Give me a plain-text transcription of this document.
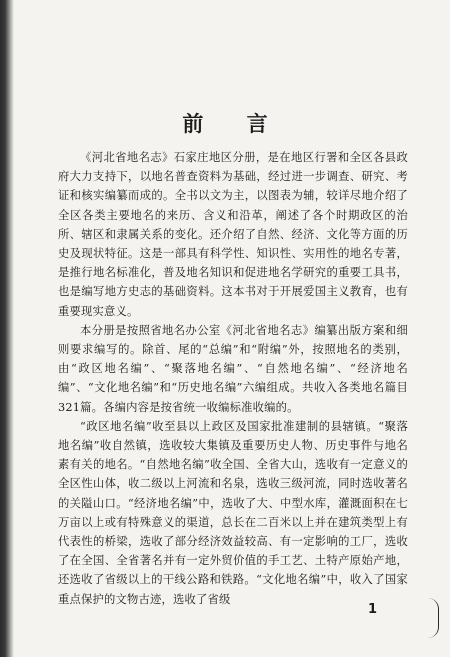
前 言

《河北省地名志》石家庄地区分册，是在地区行署和全区各县政府大力支持下，以地名普查资料为基础，经过进一步调查、研究、考证和核实编纂而成的。全书以文为主，以图表为辅，较详尽地介绍了全区各类主要地名的来历、含义和沿革，阐述了各个时期政区的治所、辖区和隶属关系的变化。还介绍了自然、经济、文化等方面的历史及现状特征。这是一部具有科学性、知识性、实用性的地名专著，是推行地名标准化，普及地名知识和促进地名学研究的重要工具书，也是编写地方史志的基础资料。这本书对于开展爱国主义教育，也有重要现实意义。

本分册是按照省地名办公室《河北省地名志》编纂出版方案和细则要求编写的。除首、尾的“总编”和“附编”外，按照地名的类别，由“政区地名编”、“聚落地名编”、“自然地名编”、“经济地名编”、“文化地名编”和“历史地名编”六编组成。共收入各类地名篇目321篇。各编内容是按省统一收编标准收编的。

“政区地名编”收至县以上政区及国家批准建制的县辖镇。“聚落地名编”收自然镇，选收较大集镇及重要历史人物、历史事件与地名素有关的地名。“自然地名编”收全国、全省大山，选收有一定意义的全区性山体，收二级以上河流和名泉，选收三级河流，同时选收著名的关隘山口。“经济地名编”中，选收了大、中型水库，灌溉面积在七万亩以上或有特殊意义的渠道，总长在二百米以上并在建筑类型上有代表性的桥梁，选收了部分经济效益较高、有一定影响的工厂，选收了在全国、全省著名并有一定外贸价值的手工艺、土特产原始产地，还选收了省级以上的干线公路和铁路。“文化地名编”中，收入了国家重点保护的文物古迹，选收了省级

1
